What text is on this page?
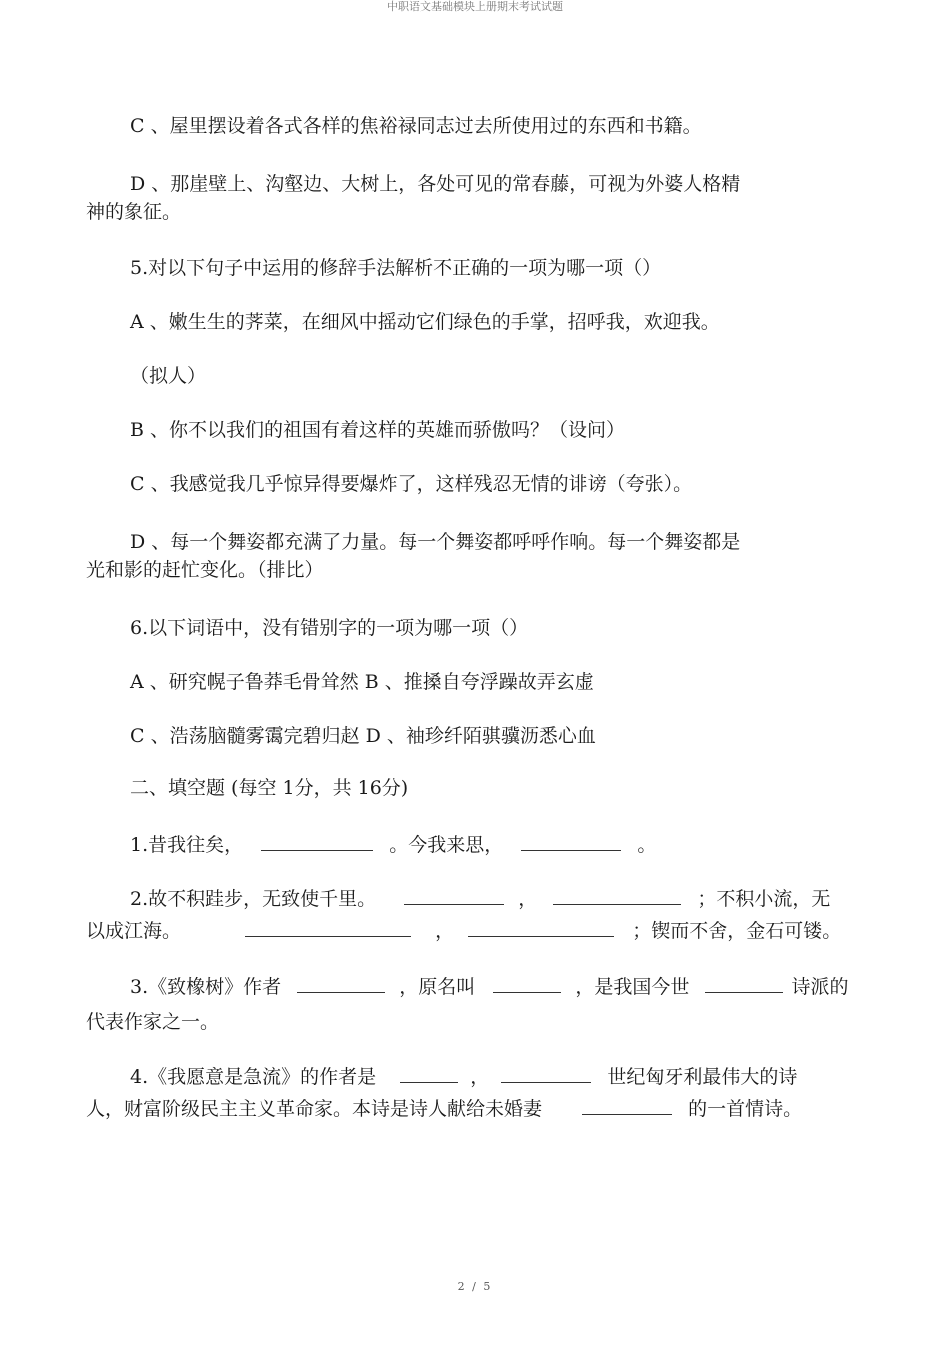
中职语文基础模块上册期末考试试题
C 、屋里摆设着各式各样的焦裕禄同志过去所使用过的东西和书籍。
D 、那崖壁上、沟壑边、大树上，各处可见的常春藤，可视为外婆人格精
神的象征。
5.对以下句子中运用的修辞手法解析不正确的一项为哪一项（）
A 、嫩生生的荠菜，在细风中摇动它们绿色的手掌，招呼我，欢迎我。
（拟人）
B 、你不以我们的祖国有着这样的英雄而骄傲吗？（设问）
C 、我感觉我几乎惊异得要爆炸了，这样残忍无情的诽谤（夸张）。
D 、每一个舞姿都充满了力量。每一个舞姿都呼呼作响。每一个舞姿都是
光和影的赶忙变化。（排比）
6.以下词语中，没有错别字的一项为哪一项（）
A 、研究幌子鲁莽毛骨耸然 B 、推搡自夸浮躁故弄玄虚
C 、浩荡脑髓雾霭完碧归赵 D 、袖珍纤陌骐骥沥悉心血
二、填空题 (每空 1分，共 16分)
1.昔我往矣，	。今我来思，	。
2.故不积跬步，无致使千里。	，	；不积小流，无
以成江海。	，	；锲而不舍，金石可镂。
3.《致橡树》作者	，原名叫	，是我国今世	诗派的
代表作家之一。
4.《我愿意是急流》的作者是	，	世纪匈牙利最伟大的诗
人，财富阶级民主主义革命家。本诗是诗人献给未婚妻	的一首情诗。
2 / 5
